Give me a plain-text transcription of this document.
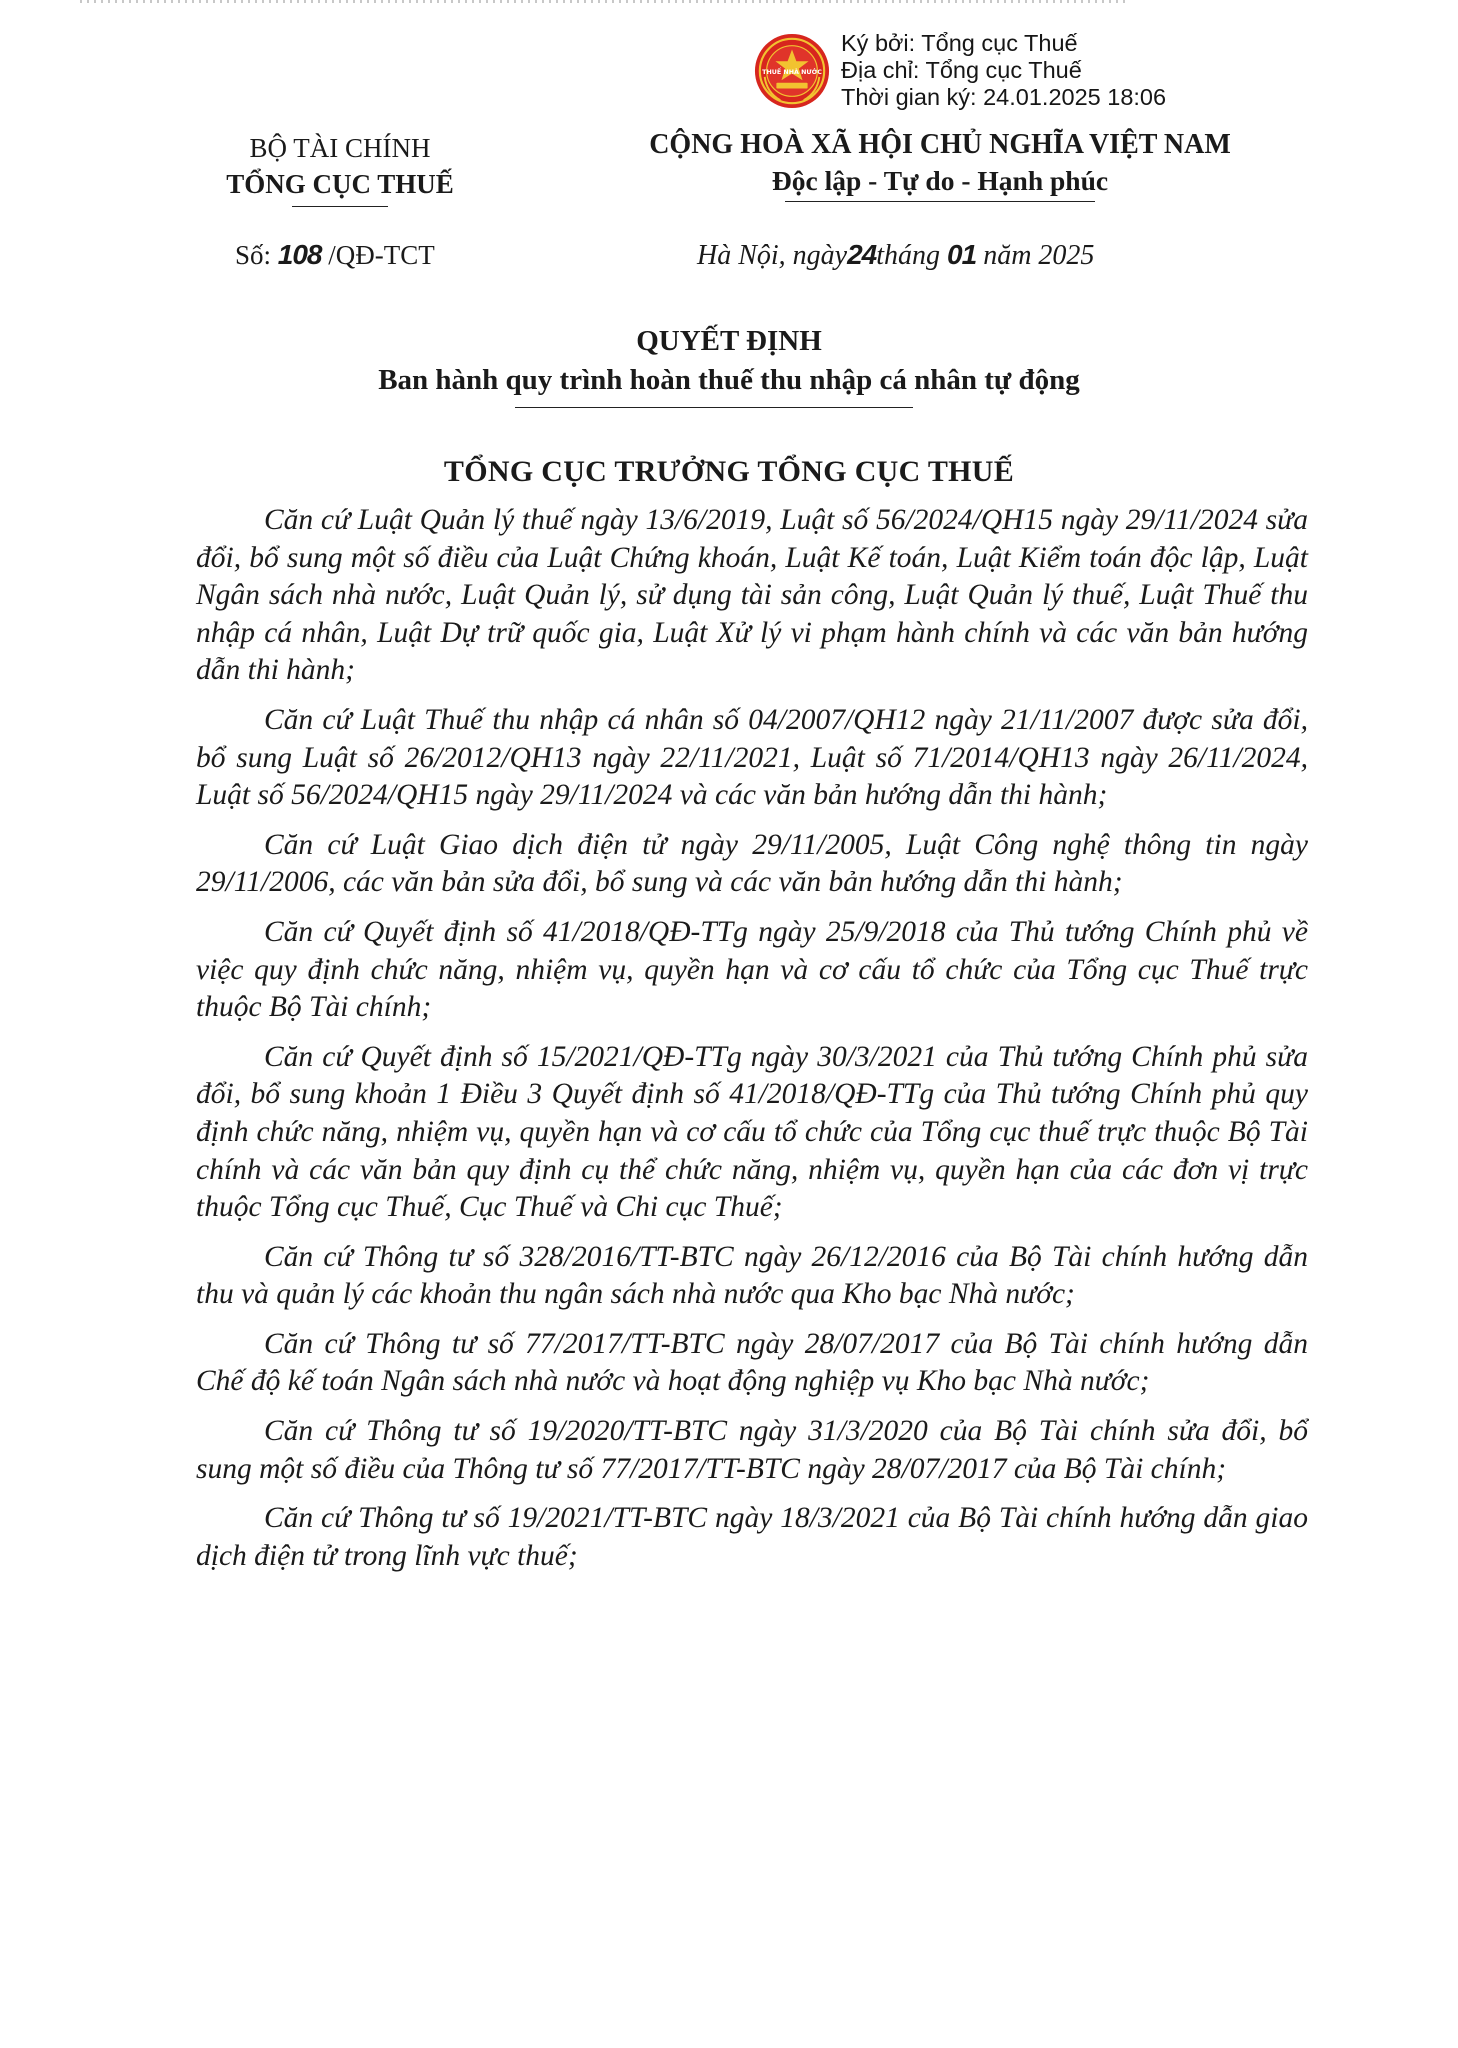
THUẾ NHÀ NƯỚC
Ký bởi: Tổng cục Thuế
Địa chỉ: Tổng cục Thuế
Thời gian ký: 24.01.2025 18:06
BỘ TÀI CHÍNH
TỔNG CỤC THUẾ
CỘNG HOÀ XÃ HỘI CHỦ NGHĨA VIỆT NAM
Độc lập - Tự do - Hạnh phúc
Số: 108 /QĐ-TCT	Hà Nội, ngày24tháng 01 năm 2025
QUYẾT ĐỊNH
Ban hành quy trình hoàn thuế thu nhập cá nhân tự động
TỔNG CỤC TRƯỞNG TỔNG CỤC THUẾ

Căn cứ Luật Quản lý thuế ngày 13/6/2019, Luật số 56/2024/QH15 ngày 29/11/2024 sửa đổi, bổ sung một số điều của Luật Chứng khoán, Luật Kế toán, Luật Kiểm toán độc lập, Luật Ngân sách nhà nước, Luật Quản lý, sử dụng tài sản công, Luật Quản lý thuế, Luật Thuế thu nhập cá nhân, Luật Dự trữ quốc gia, Luật Xử lý vi phạm hành chính và các văn bản hướng dẫn thi hành;

Căn cứ Luật Thuế thu nhập cá nhân số 04/2007/QH12 ngày 21/11/2007 được sửa đổi, bổ sung Luật số 26/2012/QH13 ngày 22/11/2021, Luật số 71/2014/QH13 ngày 26/11/2024, Luật số 56/2024/QH15 ngày 29/11/2024 và các văn bản hướng dẫn thi hành;

Căn cứ Luật Giao dịch điện tử ngày 29/11/2005, Luật Công nghệ thông tin ngày 29/11/2006, các văn bản sửa đổi, bổ sung và các văn bản hướng dẫn thi hành;

Căn cứ Quyết định số 41/2018/QĐ-TTg ngày 25/9/2018 của Thủ tướng Chính phủ về việc quy định chức năng, nhiệm vụ, quyền hạn và cơ cấu tổ chức của Tổng cục Thuế trực thuộc Bộ Tài chính;

Căn cứ Quyết định số 15/2021/QĐ-TTg ngày 30/3/2021 của Thủ tướng Chính phủ sửa đổi, bổ sung khoản 1 Điều 3 Quyết định số 41/2018/QĐ-TTg của Thủ tướng Chính phủ quy định chức năng, nhiệm vụ, quyền hạn và cơ cấu tổ chức của Tổng cục thuế trực thuộc Bộ Tài chính và các văn bản quy định cụ thể chức năng, nhiệm vụ, quyền hạn của các đơn vị trực thuộc Tổng cục Thuế, Cục Thuế và Chi cục Thuế;

Căn cứ Thông tư số 328/2016/TT-BTC ngày 26/12/2016 của Bộ Tài chính hướng dẫn thu và quản lý các khoản thu ngân sách nhà nước qua Kho bạc Nhà nước;

Căn cứ Thông tư số 77/2017/TT-BTC ngày 28/07/2017 của Bộ Tài chính hướng dẫn Chế độ kế toán Ngân sách nhà nước và hoạt động nghiệp vụ Kho bạc Nhà nước;

Căn cứ Thông tư số 19/2020/TT-BTC ngày 31/3/2020 của Bộ Tài chính sửa đổi, bổ sung một số điều của Thông tư số 77/2017/TT-BTC ngày 28/07/2017 của Bộ Tài chính;

Căn cứ Thông tư số 19/2021/TT-BTC ngày 18/3/2021 của Bộ Tài chính hướng dẫn giao dịch điện tử trong lĩnh vực thuế;
